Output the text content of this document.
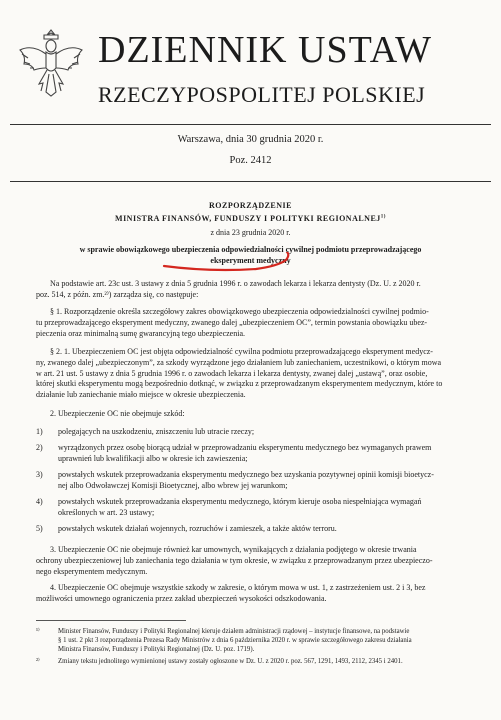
DZIENNIK USTAW
RZECZYPOSPOLITEJ POLSKIEJ
Warszawa, dnia 30 grudnia 2020 r.
Poz. 2412
ROZPORZĄDZENIE
MINISTRA FINANSÓW, FUNDUSZY I POLITYKI REGIONALNEJ$^{1)}$
z dnia 23 grudnia 2020 r.
w sprawie obowiązkowego ubezpieczenia odpowiedzialności cywilnej podmiotu przeprowadzającego
eksperyment medyczny
Na podstawie art. 23c ust. 3 ustawy z dnia 5 grudnia 1996 r. o zawodach lekarza i lekarza dentysty (Dz. U. z 2020 r.
poz. 514, z późn. zm.²⁾) zarządza się, co następuje:
§ 1. Rozporządzenie określa szczegółowy zakres obowiązkowego ubezpieczenia odpowiedzialności cywilnej podmio-
tu przeprowadzającego eksperyment medyczny, zwanego dalej „ubezpieczeniem OC”, termin powstania obowiązku ubez-
pieczenia oraz minimalną sumę gwarancyjną tego ubezpieczenia.
§ 2. 1. Ubezpieczeniem OC jest objęta odpowiedzialność cywilna podmiotu przeprowadzającego eksperyment medycz-
ny, zwanego dalej „ubezpieczonym”, za szkody wyrządzone jego działaniem lub zaniechaniem, uczestnikowi, o którym mowa
w art. 21 ust. 5 ustawy z dnia 5 grudnia 1996 r. o zawodach lekarza i lekarza dentysty, zwanej dalej „ustawą”, oraz osobie,
której skutki eksperymentu mogą bezpośrednio dotknąć, w związku z przeprowadzanym eksperymentem medycznym, które to
działanie lub zaniechanie miało miejsce w okresie ubezpieczenia.
2. Ubezpieczenie OC nie obejmuje szkód:
1) polegających na uszkodzeniu, zniszczeniu lub utracie rzeczy;
2) wyrządzonych przez osobę biorącą udział w przeprowadzaniu eksperymentu medycznego bez wymaganych prawem
uprawnień lub kwalifikacji albo w okresie ich zawieszenia;
3) powstałych wskutek przeprowadzania eksperymentu medycznego bez uzyskania pozytywnej opinii komisji bioetycz-
nej albo Odwoławczej Komisji Bioetycznej, albo wbrew jej warunkom;
4) powstałych wskutek przeprowadzania eksperymentu medycznego, którym kieruje osoba niespełniająca wymagań
określonych w art. 23 ustawy;
5) powstałych wskutek działań wojennych, rozruchów i zamieszek, a także aktów terroru.
3. Ubezpieczenie OC nie obejmuje również kar umownych, wynikających z działania podjętego w okresie trwania
ochrony ubezpieczeniowej lub zaniechania tego działania w tym okresie, w związku z przeprowadzanym przez ubezpieczo-
nego eksperymentem medycznym.
4. Ubezpieczenie OC obejmuje wszystkie szkody w zakresie, o którym mowa w ust. 1, z zastrzeżeniem ust. 2 i 3, bez
możliwości umownego ograniczenia przez zakład ubezpieczeń wysokości odszkodowania.
¹⁾	Minister Finansów, Funduszy i Polityki Regionalnej kieruje działem administracji rządowej – instytucje finansowe, na podstawie
§ 1 ust. 2 pkt 3 rozporządzenia Prezesa Rady Ministrów z dnia 6 października 2020 r. w sprawie szczegółowego zakresu działania
Ministra Finansów, Funduszy i Polityki Regionalnej (Dz. U. poz. 1719).
²⁾	Zmiany tekstu jednolitego wymienionej ustawy zostały ogłoszone w Dz. U. z 2020 r. poz. 567, 1291, 1493, 2112, 2345 i 2401.
